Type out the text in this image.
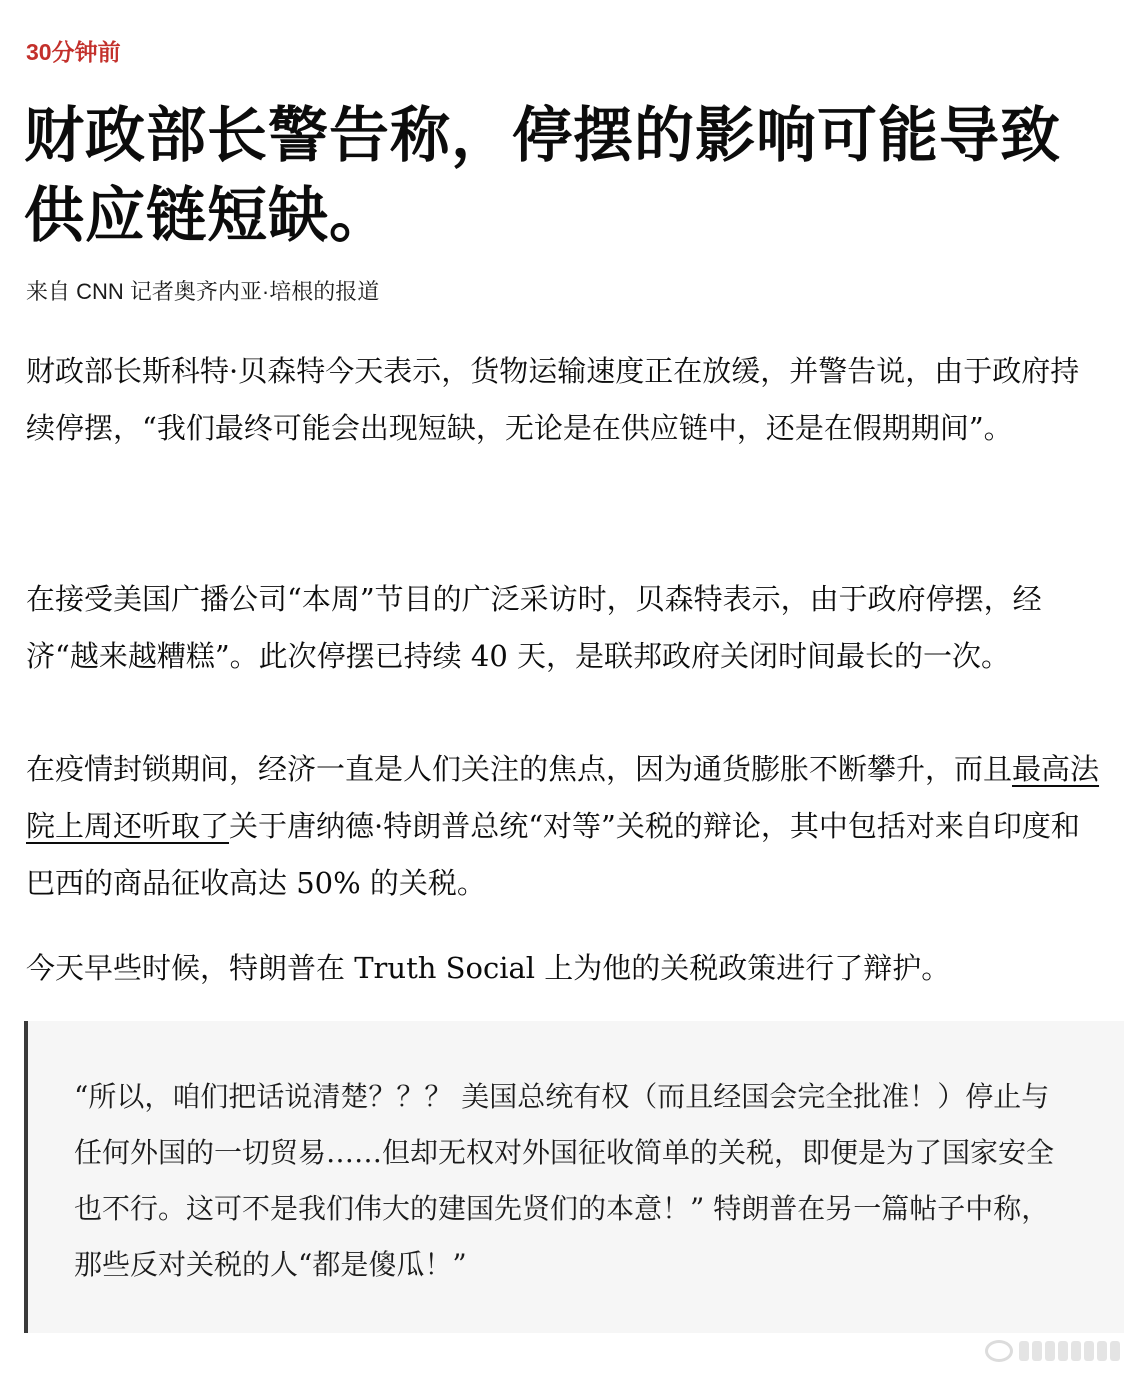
30分钟前
财政部长警告称，停摆的影响可能导致供应链短缺。
来自 CNN 记者奥齐内亚·培根的报道

财政部长斯科特·贝森特今天表示，货物运输速度正在放缓，并警告说，由于政府持续停摆，“我们最终可能会出现短缺，无论是在供应链中，还是在假期期间”。

在接受美国广播公司“本周”节目的广泛采访时，贝森特表示，由于政府停摆，经济“越来越糟糕”。此次停摆已持续 40 天，是联邦政府关闭时间最长的一次。

在疫情封锁期间，经济一直是人们关注的焦点，因为通货膨胀不断攀升，而且最高法院上周还听取了关于唐纳德·特朗普总统“对等”关税的辩论，其中包括对来自印度和巴西的商品征收高达 50% 的关税。

今天早些时候，特朗普在 Truth Social 上为他的关税政策进行了辩护。

“所以，咱们把话说清楚？？？ 美国总统有权（而且经国会完全批准！）停止与任何外国的一切贸易……但却无权对外国征收简单的关税，即便是为了国家安全也不行。这可不是我们伟大的建国先贤们的本意！” 特朗普在另一篇帖子中称，那些反对关税的人“都是傻瓜！”
